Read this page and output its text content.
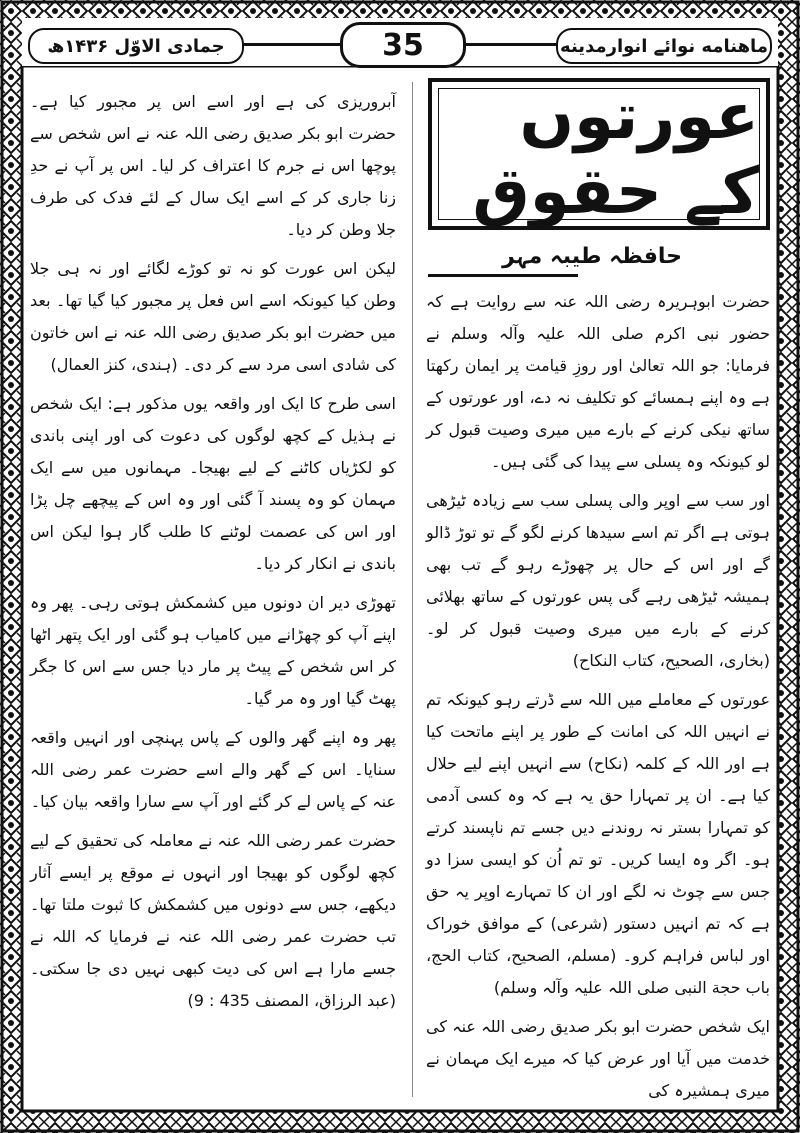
ماهنامه نوائے انوارمدینه
35
جمادی الاوّل ۱۴۳۶ھ
عورتوں کے حقوق
حافظہ طیبہ مہر

حضرت ابوہریرہ رضی اللہ عنہ سے روایت ہے کہ حضور نبی اکرم صلی اللہ علیہ وآلہ وسلم نے فرمایا: جو اللہ تعالیٰ اور روزِ قیامت پر ایمان رکھتا ہے وہ اپنے ہمسائے کو تکلیف نہ دے، اور عورتوں کے ساتھ نیکی کرنے کے بارے میں میری وصیت قبول کر لو کیونکہ وہ پسلی سے پیدا کی گئی ہیں۔

اور سب سے اوپر والی پسلی سب سے زیادہ ٹیڑھی ہوتی ہے اگر تم اسے سیدھا کرنے لگو گے تو توڑ ڈالو گے اور اس کے حال پر چھوڑے رہو گے تب بھی ہمیشہ ٹیڑھی رہے گی پس عورتوں کے ساتھ بھلائی کرنے کے بارے میں میری وصیت قبول کر لو۔ (بخاری، الصحیح، کتاب النکاح)

عورتوں کے معاملے میں اللہ سے ڈرتے رہو کیونکہ تم نے انہیں اللہ کی امانت کے طور پر اپنے ماتحت کیا ہے اور اللہ کے کلمہ (نکاح) سے انہیں اپنے لیے حلال کیا ہے۔ ان پر تمہارا حق یہ ہے کہ وہ کسی آدمی کو تمہارا بستر نہ روندنے دیں جسے تم ناپسند کرتے ہو۔ اگر وہ ایسا کریں۔ تو تم اُن کو ایسی سزا دو جس سے چوٹ نہ لگے اور ان کا تمہارے اوپر یہ حق ہے کہ تم انہیں دستور (شرعی) کے موافق خوراک اور لباس فراہم کرو۔ (مسلم، الصحیح، کتاب الحج، باب حجة النبی صلی اللہ علیہ وآلہ وسلم)

ایک شخص حضرت ابو بکر صدیق رضی اللہ عنہ کی خدمت میں آیا اور عرض کیا کہ میرے ایک مہمان نے میری ہمشیرہ کی

آبروریزی کی ہے اور اسے اس پر مجبور کیا ہے۔ حضرت ابو بکر صدیق رضی اللہ عنہ نے اس شخص سے پوچھا اس نے جرم کا اعتراف کر لیا۔ اس پر آپ نے حدِ زنا جاری کر کے اسے ایک سال کے لئے فدک کی طرف جلا وطن کر دیا۔

لیکن اس عورت کو نہ تو کوڑے لگائے اور نہ ہی جلا وطن کیا کیونکہ اسے اس فعل پر مجبور کیا گیا تھا۔ بعد میں حضرت ابو بکر صدیق رضی اللہ عنہ نے اس خاتون کی شادی اسی مرد سے کر دی۔ (ہندی، کنز العمال)

اسی طرح کا ایک اور واقعہ یوں مذکور ہے: ایک شخص نے ہذیل کے کچھ لوگوں کی دعوت کی اور اپنی باندی کو لکڑیاں کاٹنے کے لیے بھیجا۔ مہمانوں میں سے ایک مہمان کو وہ پسند آ گئی اور وہ اس کے پیچھے چل پڑا اور اس کی عصمت لوٹنے کا طلب گار ہوا لیکن اس باندی نے انکار کر دیا۔

تھوڑی دیر ان دونوں میں کشمکش ہوتی رہی۔ پھر وہ اپنے آپ کو چھڑانے میں کامیاب ہو گئی اور ایک پتھر اٹھا کر اس شخص کے پیٹ پر مار دیا جس سے اس کا جگر پھٹ گیا اور وہ مر گیا۔

پھر وہ اپنے گھر والوں کے پاس پہنچی اور انہیں واقعہ سنایا۔ اس کے گھر والے اسے حضرت عمر رضی اللہ عنہ کے پاس لے کر گئے اور آپ سے سارا واقعہ بیان کیا۔

حضرت عمر رضی اللہ عنہ نے معاملہ کی تحقیق کے لیے کچھ لوگوں کو بھیجا اور انہوں نے موقع پر ایسے آثار دیکھے، جس سے دونوں میں کشمکش کا ثبوت ملتا تھا۔ تب حضرت عمر رضی اللہ عنہ نے فرمایا کہ اللہ نے جسے مارا ہے اس کی دیت کبھی نہیں دی جا سکتی۔ (عبد الرزاق، المصنف 435 : 9)
